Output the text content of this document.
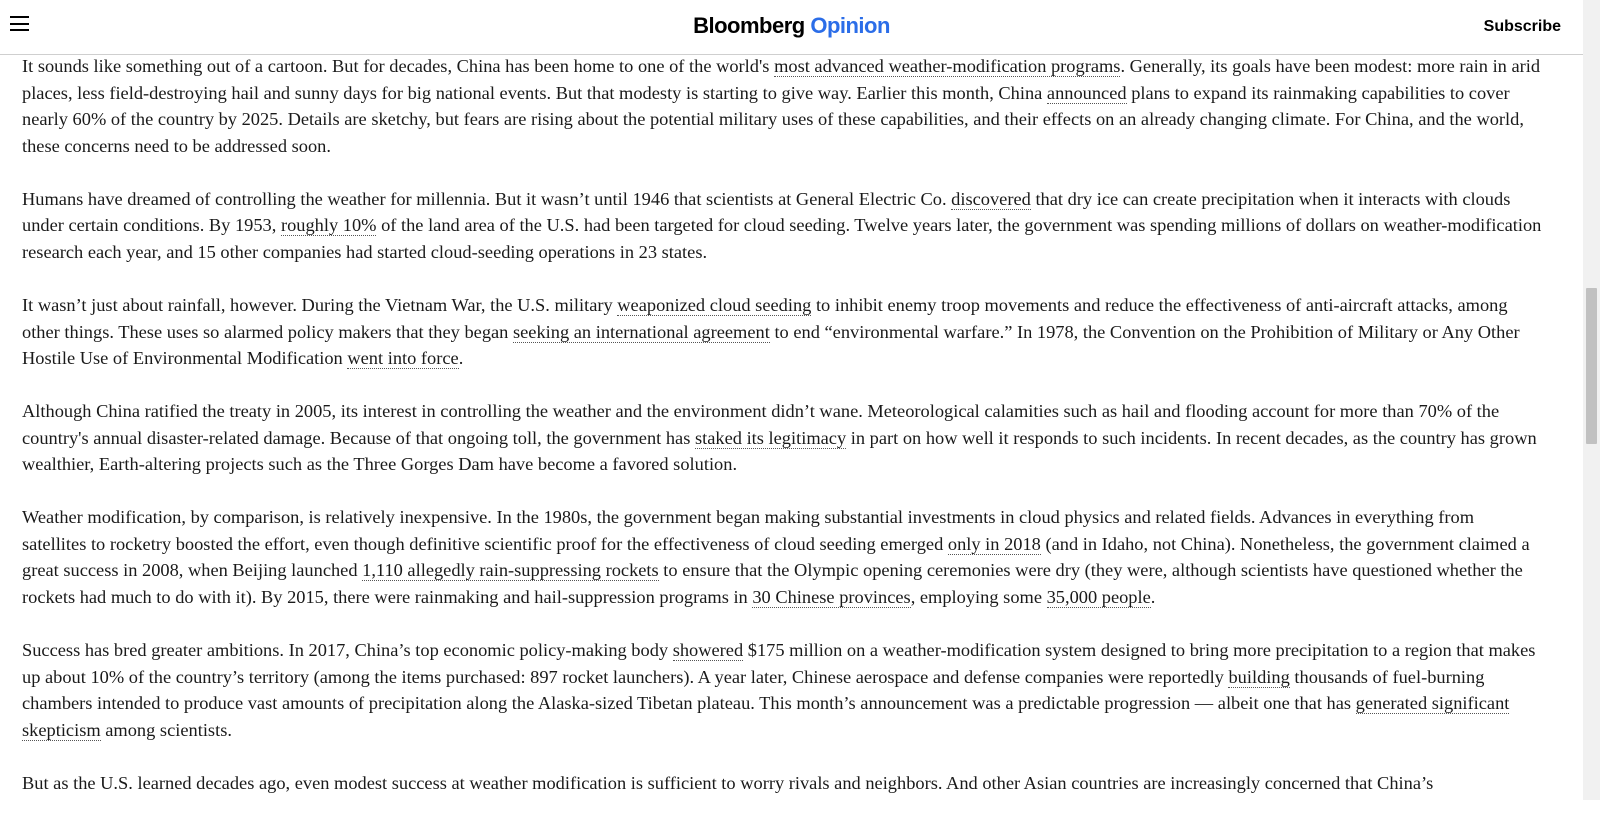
Bloomberg Opinion	Subscribe

It sounds like something out of a cartoon. But for decades, China has been home to one of the world's most advanced weather-modification programs. Generally, its goals have been modest: more rain in arid places, less field-destroying hail and sunny days for big national events. But that modesty is starting to give way. Earlier this month, China announced plans to expand its rainmaking capabilities to cover nearly 60% of the country by 2025. Details are sketchy, but fears are rising about the potential military uses of these capabilities, and their effects on an already changing climate. For China, and the world, these concerns need to be addressed soon.

Humans have dreamed of controlling the weather for millennia. But it wasn’t until 1946 that scientists at General Electric Co. discovered that dry ice can create precipitation when it interacts with clouds under certain conditions. By 1953, roughly 10% of the land area of the U.S. had been targeted for cloud seeding. Twelve years later, the government was spending millions of dollars on weather-modification research each year, and 15 other companies had started cloud-seeding operations in 23 states.

It wasn’t just about rainfall, however. During the Vietnam War, the U.S. military weaponized cloud seeding to inhibit enemy troop movements and reduce the effectiveness of anti-aircraft attacks, among other things. These uses so alarmed policy makers that they began seeking an international agreement to end “environmental warfare.” In 1978, the Convention on the Prohibition of Military or Any Other Hostile Use of Environmental Modification went into force.

Although China ratified the treaty in 2005, its interest in controlling the weather and the environment didn’t wane. Meteorological calamities such as hail and flooding account for more than 70% of the country's annual disaster-related damage. Because of that ongoing toll, the government has staked its legitimacy in part on how well it responds to such incidents. In recent decades, as the country has grown wealthier, Earth-altering projects such as the Three Gorges Dam have become a favored solution.

Weather modification, by comparison, is relatively inexpensive. In the 1980s, the government began making substantial investments in cloud physics and related fields. Advances in everything from satellites to rocketry boosted the effort, even though definitive scientific proof for the effectiveness of cloud seeding emerged only in 2018 (and in Idaho, not China). Nonetheless, the government claimed a great success in 2008, when Beijing launched 1,110 allegedly rain-suppressing rockets to ensure that the Olympic opening ceremonies were dry (they were, although scientists have questioned whether the rockets had much to do with it). By 2015, there were rainmaking and hail-suppression programs in 30 Chinese provinces, employing some 35,000 people.

Success has bred greater ambitions. In 2017, China’s top economic policy-making body showered $175 million on a weather-modification system designed to bring more precipitation to a region that makes up about 10% of the country’s territory (among the items purchased: 897 rocket launchers). A year later, Chinese aerospace and defense companies were reportedly building thousands of fuel-burning chambers intended to produce vast amounts of precipitation along the Alaska-sized Tibetan plateau. This month’s announcement was a predictable progression — albeit one that has generated significant skepticism among scientists.

But as the U.S. learned decades ago, even modest success at weather modification is sufficient to worry rivals and neighbors. And other Asian countries are increasingly concerned that China’s
